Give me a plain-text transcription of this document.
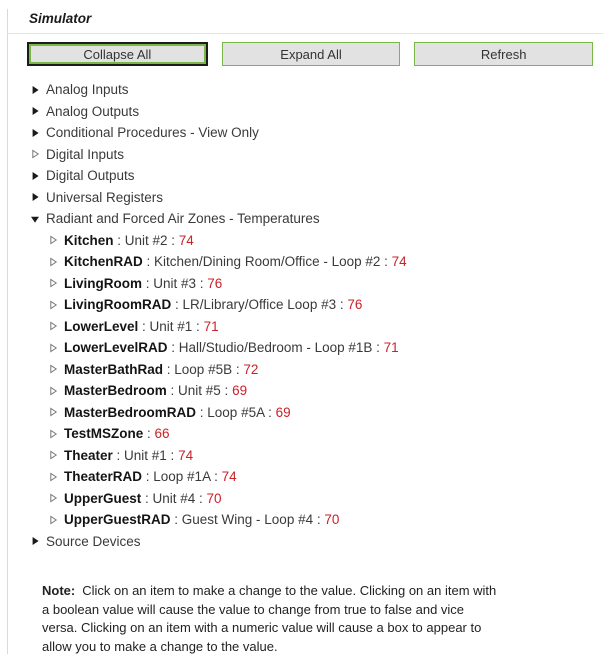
Simulator
Collapse All	Expand All	Refresh
Analog Inputs
Analog Outputs
Conditional Procedures - View Only
Digital Inputs
Digital Outputs
Universal Registers
Radiant and Forced Air Zones - Temperatures
Kitchen : Unit #2 : 74
KitchenRAD : Kitchen/Dining Room/Office - Loop #2 : 74
LivingRoom : Unit #3 : 76
LivingRoomRAD : LR/Library/Office Loop #3 : 76
LowerLevel : Unit #1 : 71
LowerLevelRAD : Hall/Studio/Bedroom - Loop #1B : 71
MasterBathRad : Loop #5B : 72
MasterBedroom : Unit #5 : 69
MasterBedroomRAD : Loop #5A : 69
TestMSZone : 66
Theater : Unit #1 : 74
TheaterRAD : Loop #1A : 74
UpperGuest : Unit #4 : 70
UpperGuestRAD : Guest Wing - Loop #4 : 70
Source Devices
Note: Click on an item to make a change to the value. Clicking on an item with a boolean value will cause the value to change from true to false and vice versa. Clicking on an item with a numeric value will cause a box to appear to allow you to make a change to the value.
